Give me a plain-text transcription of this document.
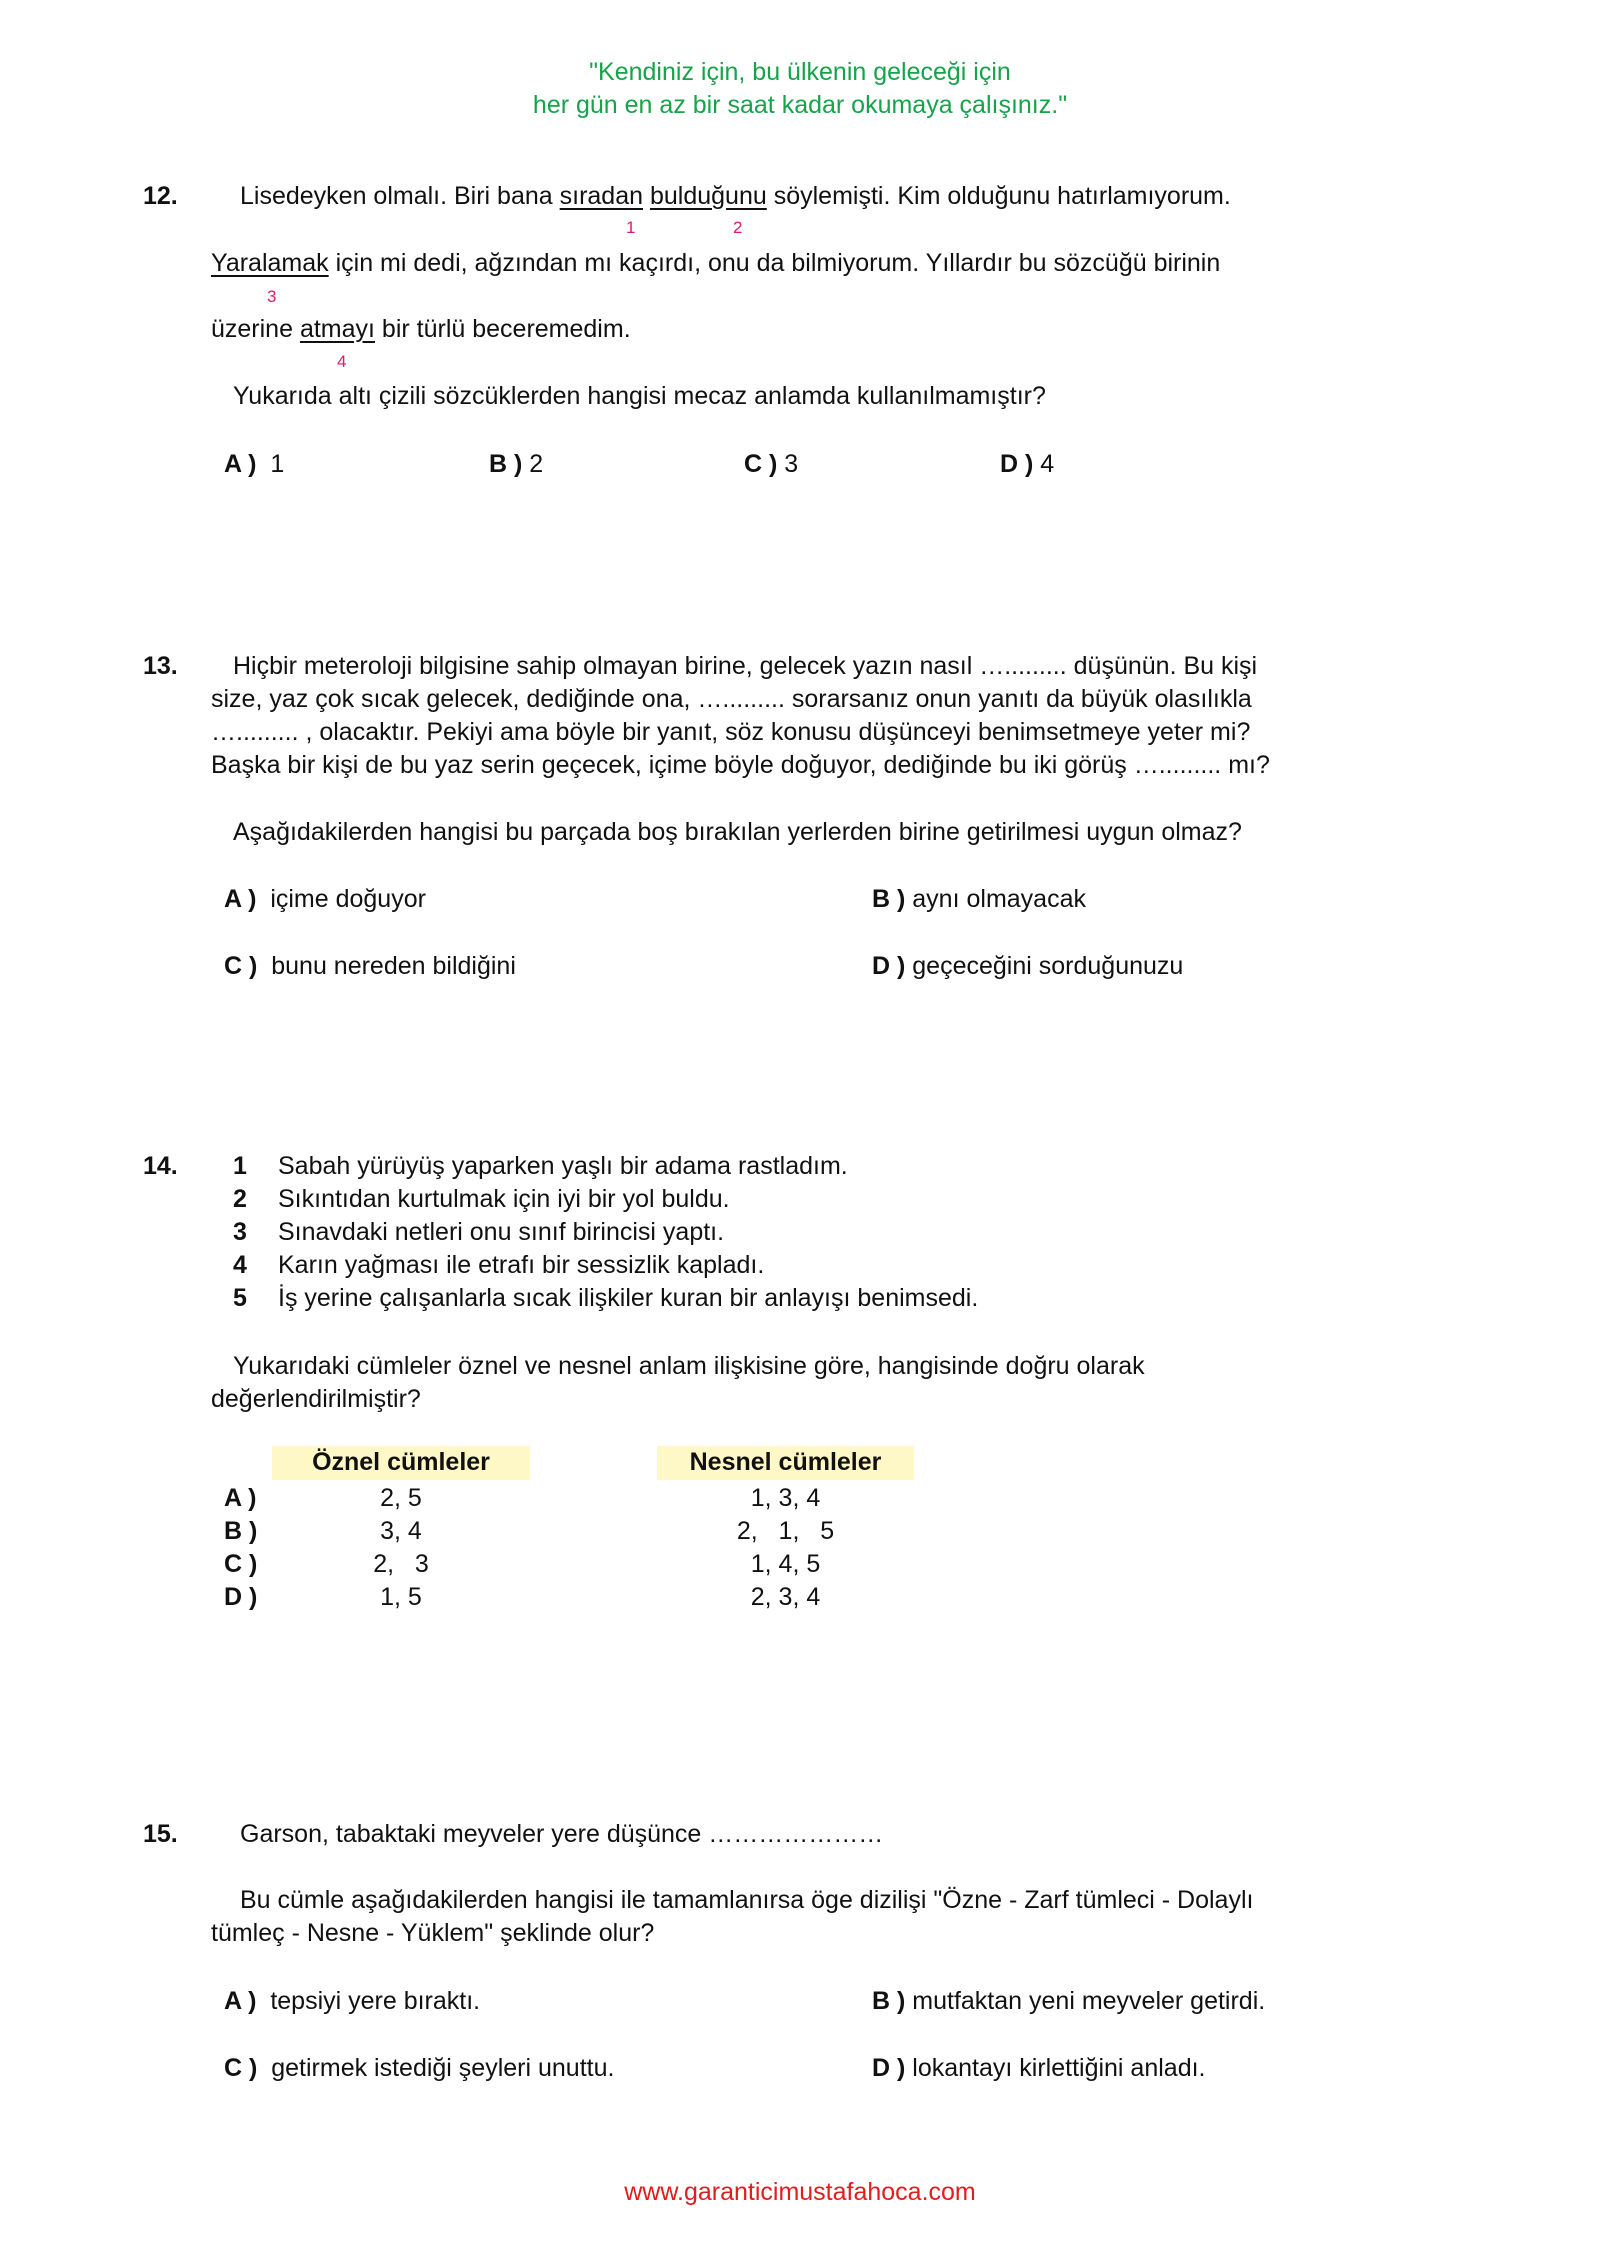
"Kendiniz için, bu ülkenin geleceği için
her gün en az bir saat kadar okumaya çalışınız."
12. Lisedeyken olmalı. Biri bana sıradan bulduğunu söylemişti. Kim olduğunu hatırlamıyorum.
1	2
Yaralamak için mi dedi, ağzından mı kaçırdı, onu da bilmiyorum. Yıllardır bu sözcüğü birinin
3
üzerine atmayı bir türlü beceremedim.
4
Yukarıda altı çizili sözcüklerden hangisi mecaz anlamda kullanılmamıştır?
A ) 1	B ) 2	C ) 3	D ) 4
13. Hiçbir meteroloji bilgisine sahip olmayan birine, gelecek yazın nasıl …......... düşünün. Bu kişi
size, yaz çok sıcak gelecek, dediğinde ona, …......... sorarsanız onun yanıtı da büyük olasılıkla
…......... , olacaktır. Pekiyi ama böyle bir yanıt, söz konusu düşünceyi benimsetmeye yeter mi?
Başka bir kişi de bu yaz serin geçecek, içime böyle doğuyor, dediğinde bu iki görüş …......... mı?
Aşağıdakilerden hangisi bu parçada boş bırakılan yerlerden birine getirilmesi uygun olmaz?
A ) içime doğuyor	B ) aynı olmayacak
C ) bunu nereden bildiğini	D ) geçeceğini sorduğunuzu
14. 1 Sabah yürüyüş yaparken yaşlı bir adama rastladım.
2 Sıkıntıdan kurtulmak için iyi bir yol buldu.
3 Sınavdaki netleri onu sınıf birincisi yaptı.
4 Karın yağması ile etrafı bir sessizlik kapladı.
5 İş yerine çalışanlarla sıcak ilişkiler kuran bir anlayışı benimsedi.
Yukarıdaki cümleler öznel ve nesnel anlam ilişkisine göre, hangisinde doğru olarak
değerlendirilmiştir?
Öznel cümleler	Nesnel cümleler
A )	2, 5	1, 3, 4
B )	3, 4	2,   1,   5
C )	2,   3	1, 4, 5
D )	1, 5	2, 3, 4
15. Garson, tabaktaki meyveler yere düşünce …………………
Bu cümle aşağıdakilerden hangisi ile tamamlanırsa öge dizilişi "Özne - Zarf tümleci - Dolaylı
tümleç - Nesne - Yüklem" şeklinde olur?
A ) tepsiyi yere bıraktı.	B ) mutfaktan yeni meyveler getirdi.
C ) getirmek istediği şeyleri unuttu.	D ) lokantayı kirlettiğini anladı.
www.garanticimustafahoca.com
